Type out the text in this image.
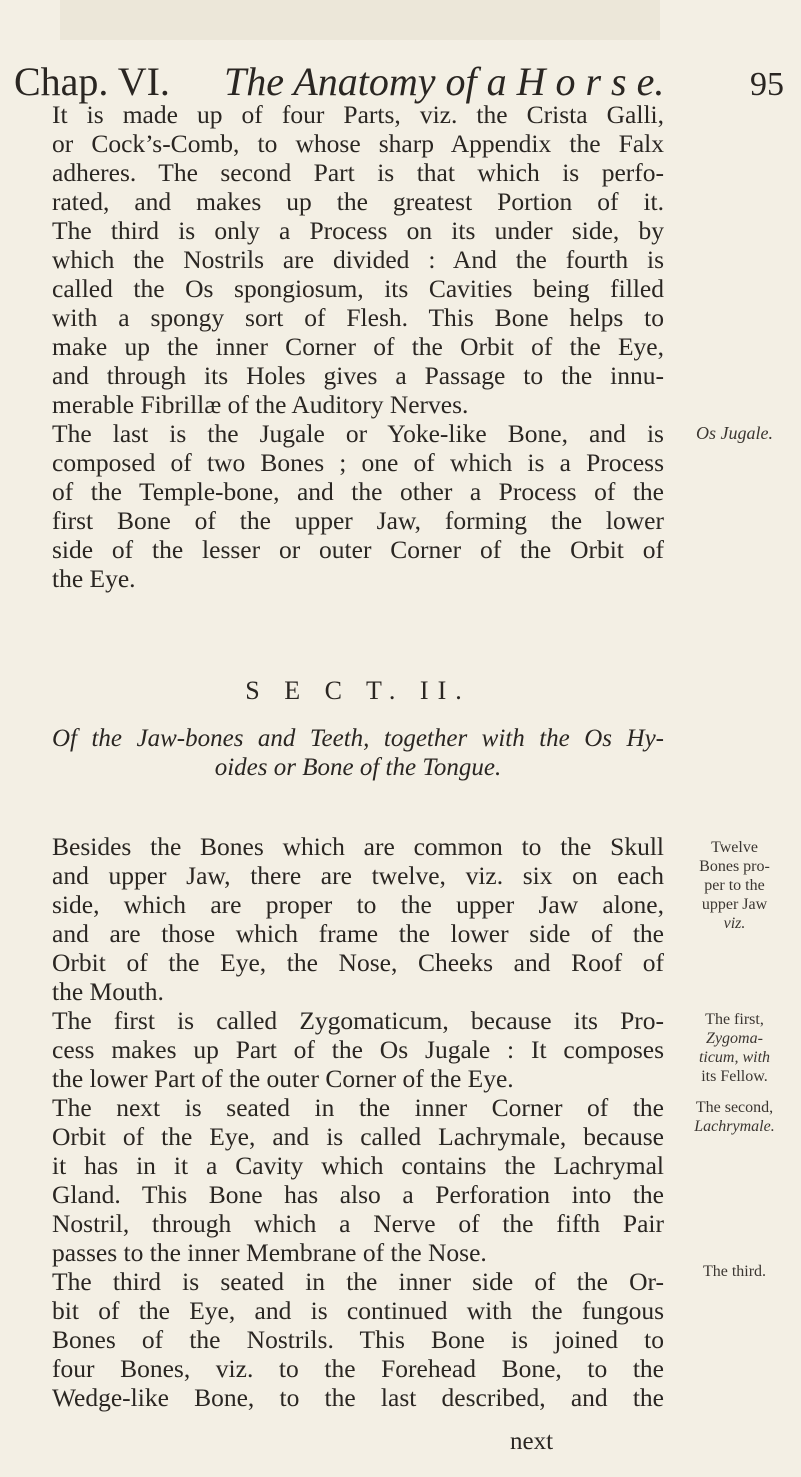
Chap. VI. The Anatomy of a H o r s e.	95
It is made up of four Parts, viz. the Crista Galli,
or Cock’s-Comb, to whose sharp Appendix the Falx
adheres. The second Part is that which is perfo-
rated, and makes up the greatest Portion of it.
The third is only a Process on its under side, by
which the Nostrils are divided : And the fourth is
called the Os spongiosum, its Cavities being filled
with a spongy sort of Flesh. This Bone helps to
make up the inner Corner of the Orbit of the Eye,
and through its Holes gives a Passage to the innu-
merable Fibrillæ of the Auditory Nerves.
The last is the Jugale or Yoke-like Bone, and is
composed of two Bones ; one of which is a Process
of the Temple-bone, and the other a Process of the
first Bone of the upper Jaw, forming the lower
side of the lesser or outer Corner of the Orbit of
the Eye.
S E C T. II.
Of the Jaw-bones and Teeth, together with the Os Hy-
oides or Bone of the Tongue.
Besides the Bones which are common to the Skull
and upper Jaw, there are twelve, viz. six on each
side, which are proper to the upper Jaw alone,
and are those which frame the lower side of the
Orbit of the Eye, the Nose, Cheeks and Roof of
the Mouth.
The first is called Zygomaticum, because its Pro-
cess makes up Part of the Os Jugale : It composes
the lower Part of the outer Corner of the Eye.
The next is seated in the inner Corner of the
Orbit of the Eye, and is called Lachrymale, because
it has in it a Cavity which contains the Lachrymal
Gland. This Bone has also a Perforation into the
Nostril, through which a Nerve of the fifth Pair
passes to the inner Membrane of the Nose.
The third is seated in the inner side of the Or-
bit of the Eye, and is continued with the fungous
Bones of the Nostrils. This Bone is joined to
four Bones, viz. to the Forehead Bone, to the
Wedge-like Bone, to the last described, and the
next
Os Jugale.
Twelve
Bones pro-
per to the
upper Jaw
viz.
The first,
Zygoma-
ticum, with
its Fellow.
The second,
Lachrymale.
The third.
